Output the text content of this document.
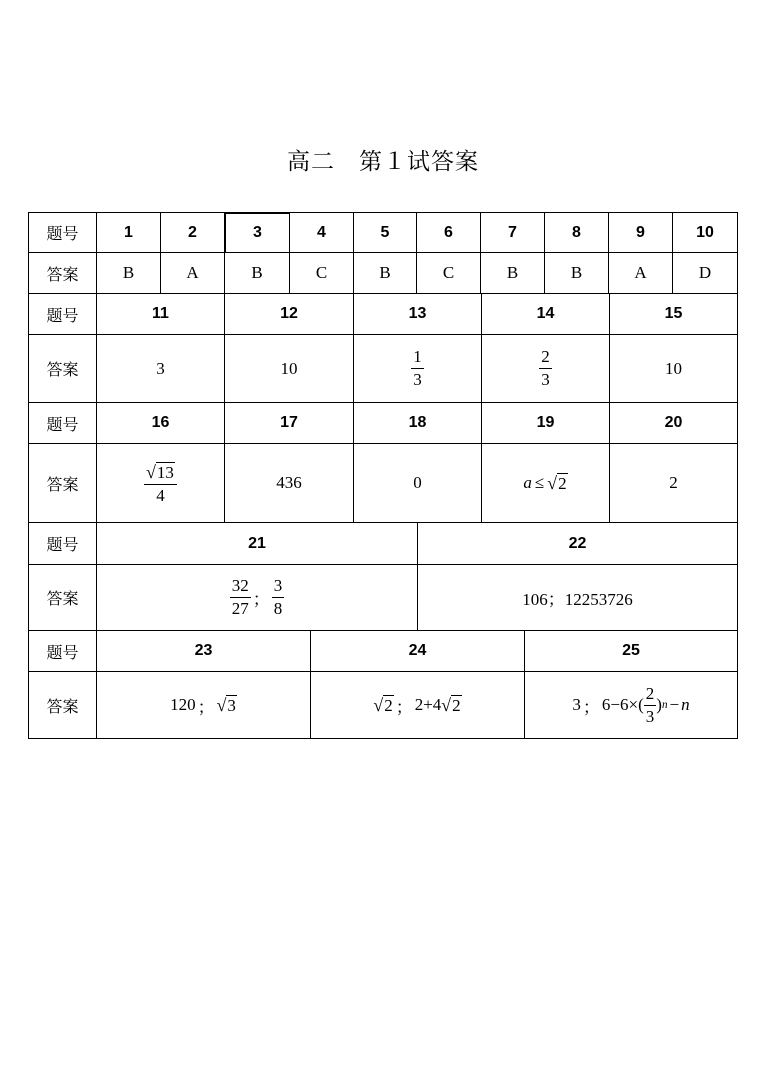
高二　第１试答案
题号	1	2	3	4	5	6	7	8	9	10
答案	B	A	B	C	B	C	B	B	A	D
题号	11	12	13	14	15
答案	3	10	$\frac{1}{3}$	$\frac{2}{3}$	10
题号	16	17	18	19	20
答案	$\frac{√ 13}{4}$	436	0	a ≤ √ 2	2
题号	21	22
答案	$\frac{32}{27}$ ； $\frac{3}{8}$	106；12253726
题号	23	24	25
答案	120 ； √ 3	√ 2 ； 2+4 √ 2	3 ； $6-6\times( \frac{2}{3}$ ) n − n
